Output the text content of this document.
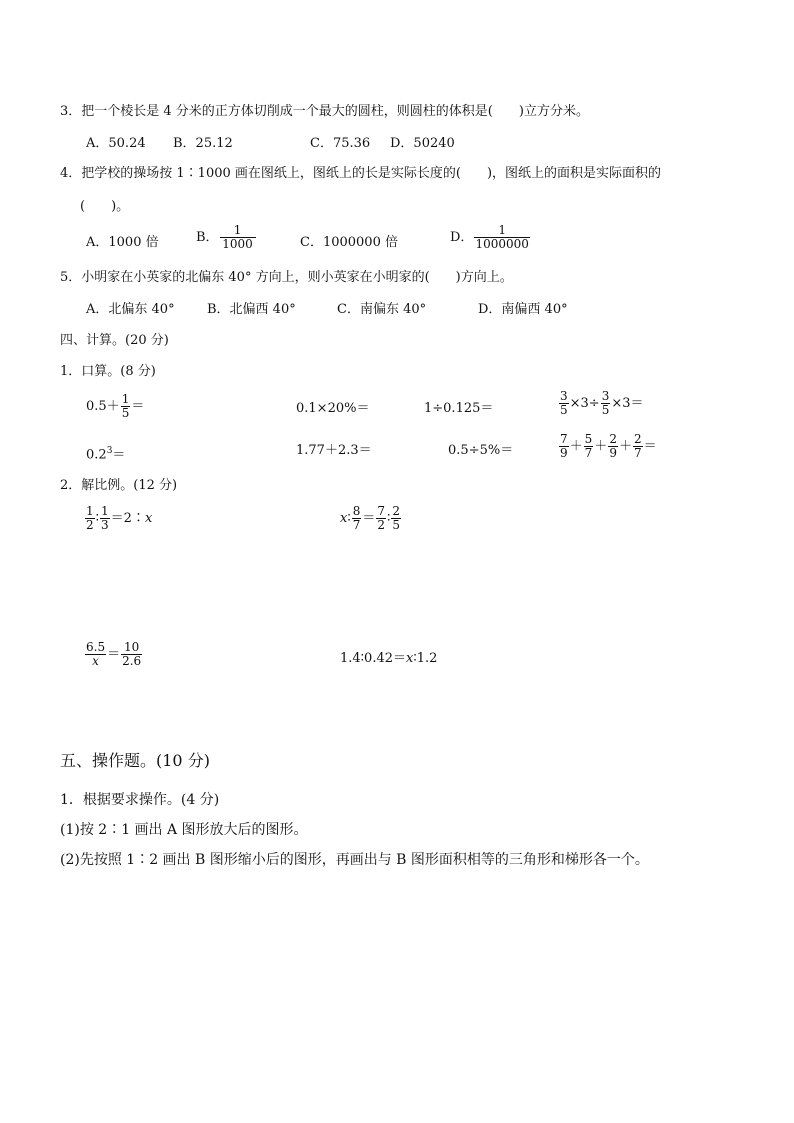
3．把一个棱长是 4 分米的正方体切削成一个最大的圆柱，则圆柱的体积是(　　)立方分米。
A．50.24 B．25.12	C．75.36 D．50240
4．把学校的操场按 1∶1000 画在图纸上，图纸上的长是实际长度的(　　)，图纸上的面积是实际面积的
(　　)。
A．1000 倍	B． $\frac{1}{1000}$	C．1000000 倍	D． $\frac{1}{1000000}$
5．小明家在小英家的北偏东 40° 方向上，则小英家在小明家的(　　)方向上。
A．北偏东 40° B．北偏西 40°	C．南偏东 40°	D．南偏西 40°
四、计算。(20 分)
1．口算。(8 分)
$0.5+ \frac{1}{5}$ ＝	0.1×20%＝	1÷0.125＝	$\frac{3}{5} \times 3\div \frac{3}{5} \times 3=$
$0.2^3=$	1.77＋2.3＝	0.5÷5%＝	$\frac{7}{9} + \frac{5}{7} + \frac{2}{9} + \frac{2}{7}$ ＝
2．解比例。(12 分)
$\frac{1}{2}$ ∶ $\frac{1}{3}$ ＝2∶ x	x ∶ $\frac{8}{7} = \frac{7}{2}$ ∶ $\frac{2}{5}$
$\frac{6.5}{x} = \frac{10}{2.6}$	1.4∶0.42＝x∶1.2
五、操作题。(10 分)
1．根据要求操作。(4 分)
(1)按 2∶1 画出 A 图形放大后的图形。
(2)先按照 1∶2 画出 B 图形缩小后的图形，再画出与 B 图形面积相等的三角形和梯形各一个。
